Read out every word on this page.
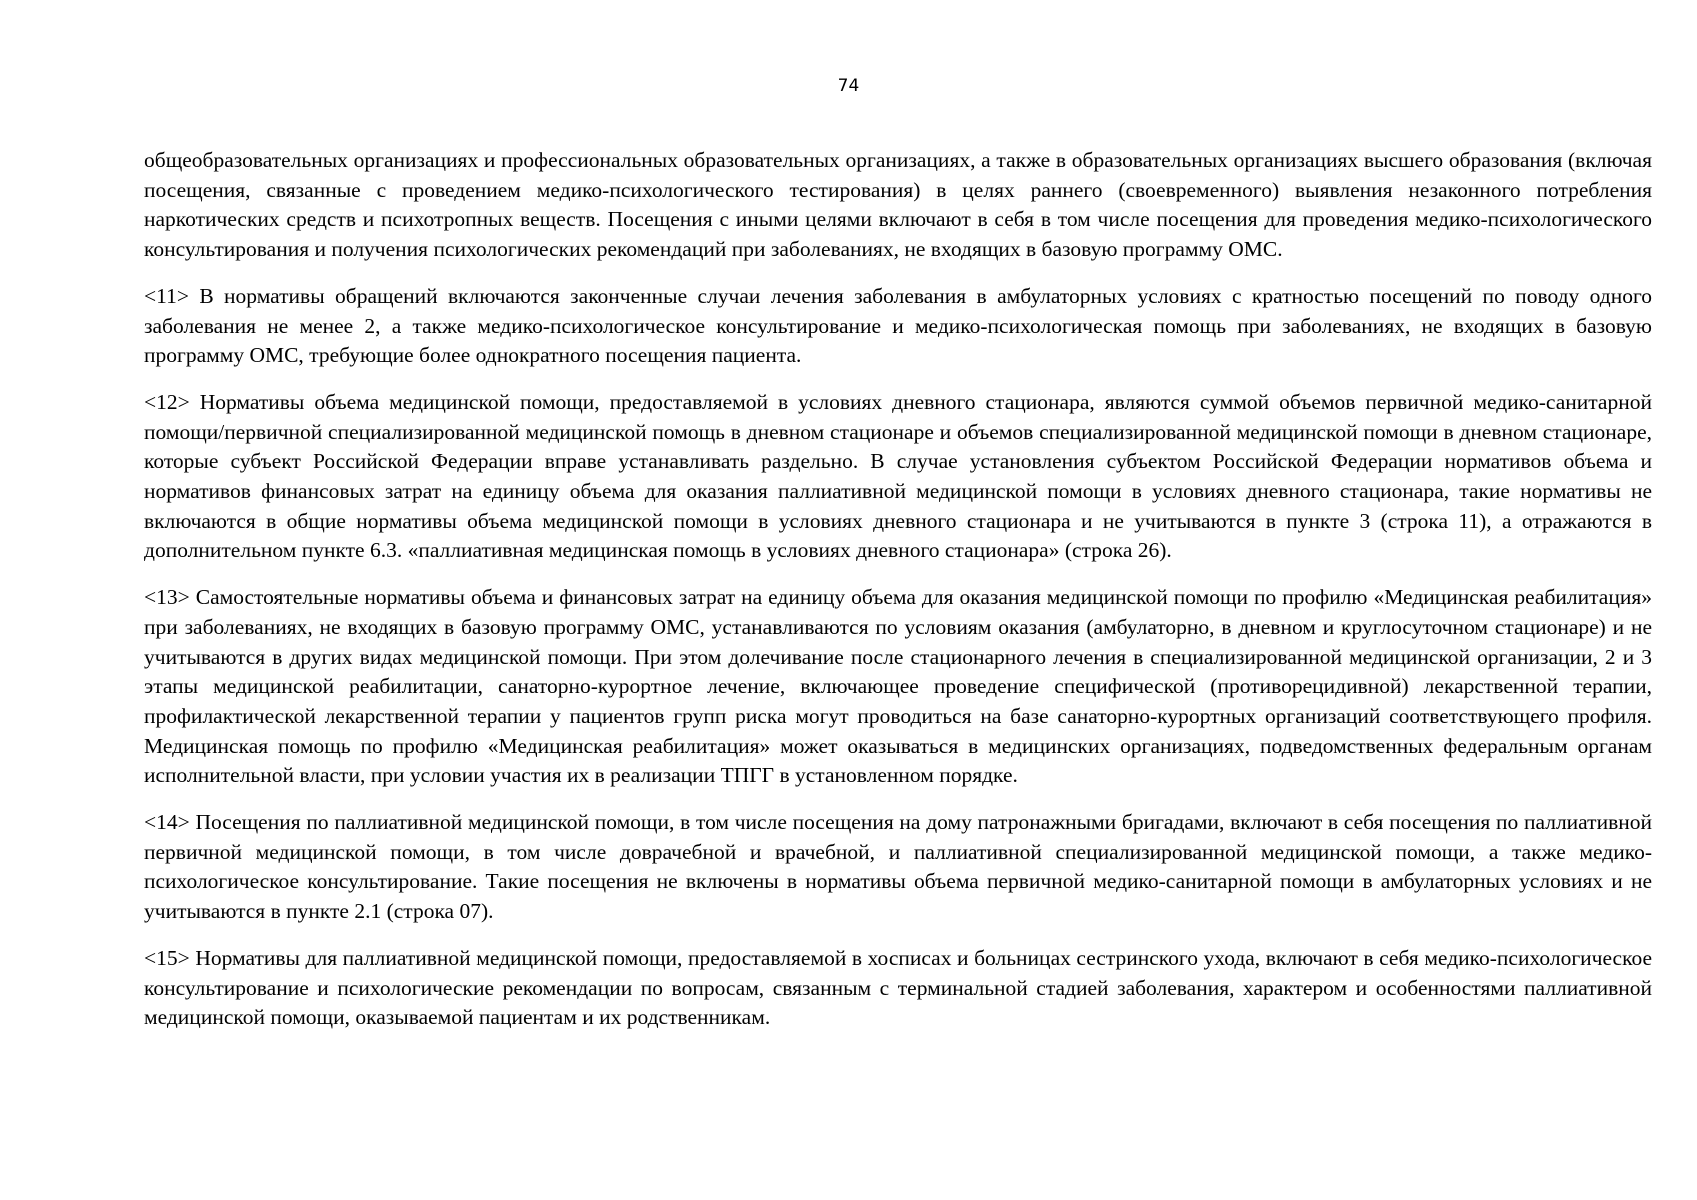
74

общеобразовательных организациях и профессиональных образовательных организациях, а также в образовательных организациях высшего образования (включая посещения, связанные с проведением медико-психологического тестирования) в целях раннего (своевременного) выявления незаконного потребления наркотических средств и психотропных веществ. Посещения с иными целями включают в себя в том числе посещения для проведения медико-психологического консультирования и получения психологических рекомендаций при заболеваниях, не входящих в базовую программу ОМС.

<11> В нормативы обращений включаются законченные случаи лечения заболевания в амбулаторных условиях с кратностью посещений по поводу одного заболевания не менее 2, а также медико-психологическое консультирование и медико-психологическая помощь при заболеваниях, не входящих в базовую программу ОМС, требующие более однократного посещения пациента.

<12> Нормативы объема медицинской помощи, предоставляемой в условиях дневного стационара, являются суммой объемов первичной медико-санитарной помощи/первичной специализированной медицинской помощь в дневном стационаре и объемов специализированной медицинской помощи в дневном стационаре, которые субъект Российской Федерации вправе устанавливать раздельно. В случае установления субъектом Российской Федерации нормативов объема и нормативов финансовых затрат на единицу объема для оказания паллиативной медицинской помощи в условиях дневного стационара, такие нормативы не включаются в общие нормативы объема медицинской помощи в условиях дневного стационара и не учитываются в пункте 3 (строка 11), а отражаются в дополнительном пункте 6.3. «паллиативная медицинская помощь в условиях дневного стационара» (строка 26).

<13> Самостоятельные нормативы объема и финансовых затрат на единицу объема для оказания медицинской помощи по профилю «Медицинская реабилитация» при заболеваниях, не входящих в базовую программу ОМС, устанавливаются по условиям оказания (амбулаторно, в дневном и круглосуточном стационаре) и не учитываются в других видах медицинской помощи. При этом долечивание после стационарного лечения в специализированной медицинской организации, 2 и 3 этапы медицинской реабилитации, санаторно-курортное лечение, включающее проведение специфической (противорецидивной) лекарственной терапии, профилактической лекарственной терапии у пациентов групп риска могут проводиться на базе санаторно-курортных организаций соответствующего профиля. Медицинская помощь по профилю «Медицинская реабилитация» может оказываться в медицинских организациях, подведомственных федеральным органам исполнительной власти, при условии участия их в реализации ТПГГ в установленном порядке.

<14> Посещения по паллиативной медицинской помощи, в том числе посещения на дому патронажными бригадами, включают в себя посещения по паллиативной первичной медицинской помощи, в том числе доврачебной и врачебной, и паллиативной специализированной медицинской помощи, а также медико-психологическое консультирование. Такие посещения не включены в нормативы объема первичной медико-санитарной помощи в амбулаторных условиях и не учитываются в пункте 2.1 (строка 07).

<15> Нормативы для паллиативной медицинской помощи, предоставляемой в хосписах и больницах сестринского ухода, включают в себя медико-психологическое консультирование и психологические рекомендации по вопросам, связанным с терминальной стадией заболевания, характером и особенностями паллиативной медицинской помощи, оказываемой пациентам и их родственникам.
